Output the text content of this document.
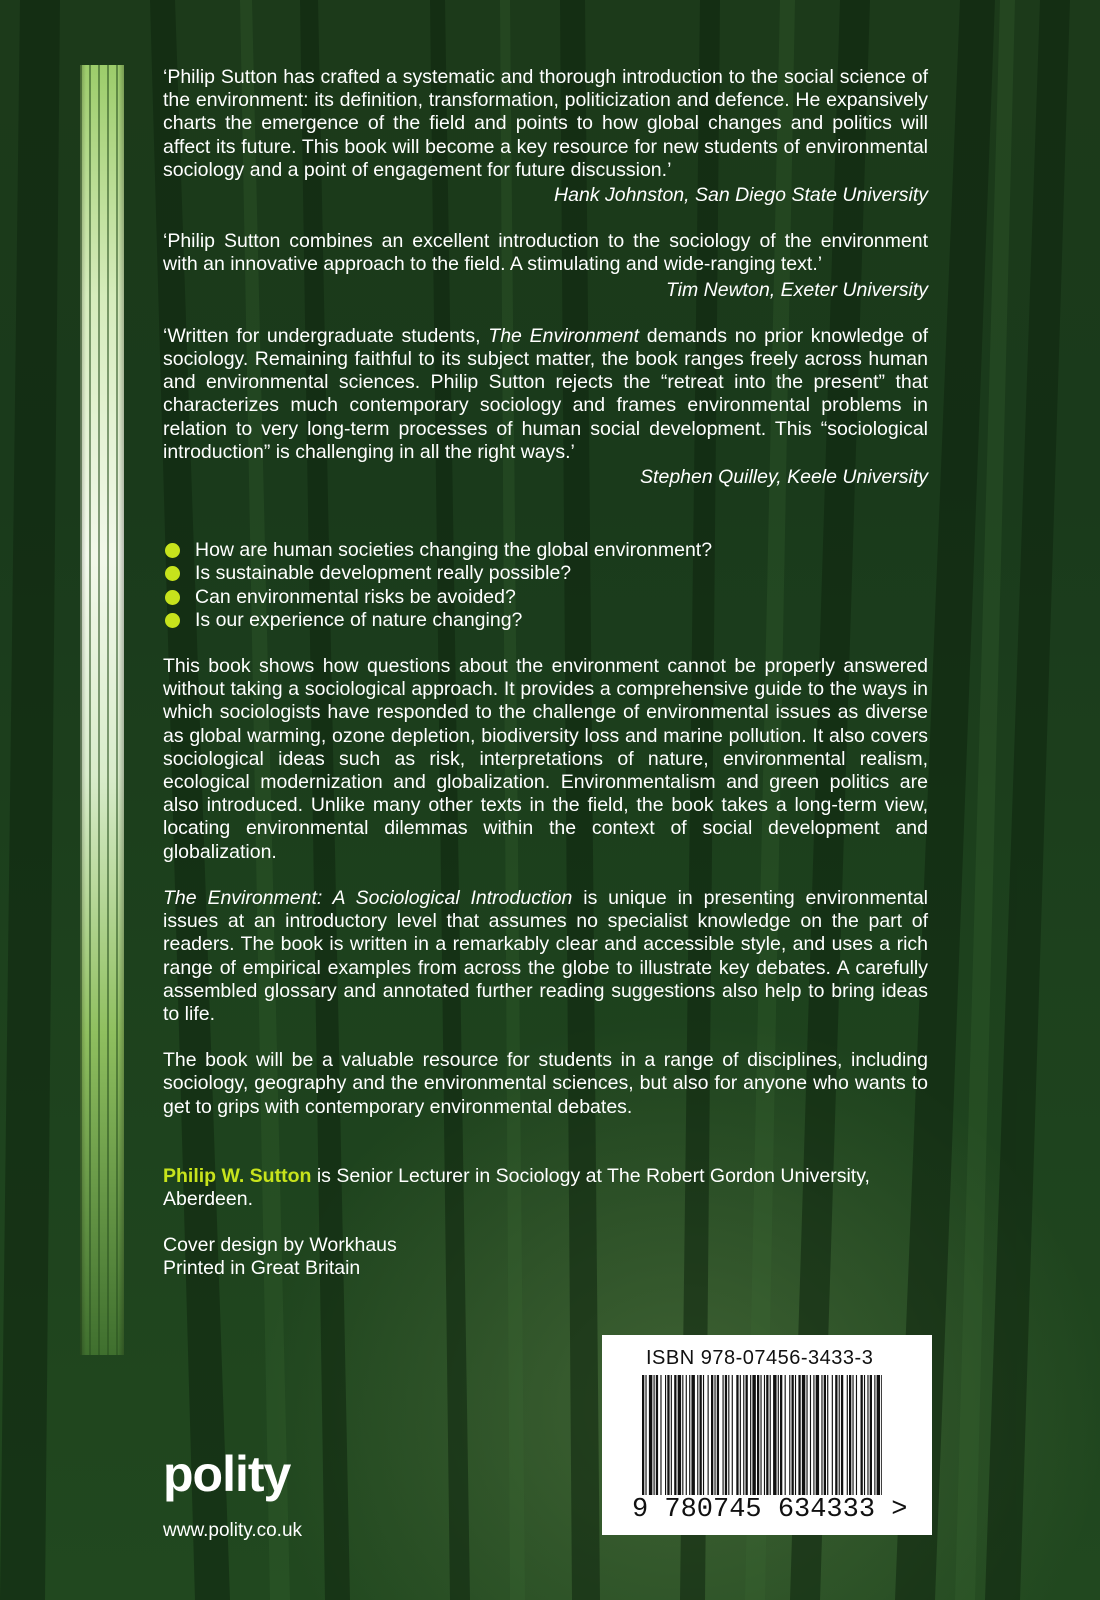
‘Philip Sutton has crafted a systematic and thorough introduction to the social science of the environment: its definition, transformation, politicization and defence. He expansively charts the emergence of the field and points to how global changes and politics will affect its future. This book will become a key resource for new students of environmental sociology and a point of engagement for future discussion.’

Hank Johnston, San Diego State University

‘Philip Sutton combines an excellent introduction to the sociology of the environment with an innovative approach to the field. A stimulating and wide-ranging text.’

Tim Newton, Exeter University

‘Written for undergraduate students, The Environment demands no prior knowledge of sociology. Remaining faithful to its subject matter, the book ranges freely across human and environmental sciences. Philip Sutton rejects the “retreat into the present” that characterizes much contemporary sociology and frames environmental problems in relation to very long-term processes of human social development. This “sociological introduction” is challenging in all the right ways.’

Stephen Quilley, Keele University

How are human societies changing the global environment?
Is sustainable development really possible?
Can environmental risks be avoided?
Is our experience of nature changing?

This book shows how questions about the environment cannot be properly answered without taking a sociological approach. It provides a comprehensive guide to the ways in which sociologists have responded to the challenge of environmental issues as diverse as global warming, ozone depletion, biodiversity loss and marine pollution. It also covers sociological ideas such as risk, interpretations of nature, environmental realism, ecological modernization and globalization. Environmentalism and green politics are also introduced. Unlike many other texts in the field, the book takes a long-term view, locating environmental dilemmas within the context of social development and globalization.

The Environment: A Sociological Introduction is unique in presenting environmental issues at an introductory level that assumes no specialist knowledge on the part of readers. The book is written in a remarkably clear and accessible style, and uses a rich range of empirical examples from across the globe to illustrate key debates. A carefully assembled glossary and annotated further reading suggestions also help to bring ideas to life.

The book will be a valuable resource for students in a range of disciplines, including sociology, geography and the environmental sciences, but also for anyone who wants to get to grips with contemporary environmental debates.

Philip W. Sutton is Senior Lecturer in Sociology at The Robert Gordon University, Aberdeen.

Cover design by Workhaus

Printed in Great Britain

polity
www.polity.co.uk
ISBN 978-07456-3433-3
9 780745 634333 >
